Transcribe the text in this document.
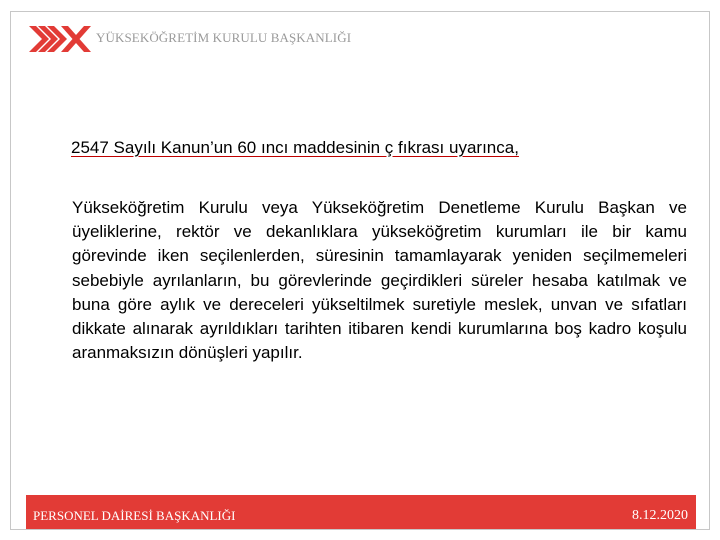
YÜKSEKÖĞRETİM KURULU BAŞKANLIĞI
2547 Sayılı Kanun’un 60 ıncı maddesinin ç fıkrası uyarınca,

Yükseköğretim Kurulu veya Yükseköğretim Denetleme Kurulu Başkan ve üyeliklerine, rektör ve dekanlıklara yükseköğretim kurumları ile bir kamu görevinde iken seçilenlerden, süresinin tamamlayarak yeniden seçilmemeleri sebebiyle ayrılanların, bu görevlerinde geçirdikleri süreler hesaba katılmak ve buna göre aylık ve dereceleri yükseltilmek suretiyle meslek, unvan ve sıfatları dikkate alınarak ayrıldıkları tarihten itibaren kendi kurumlarına boş kadro koşulu aranmaksızın dönüşleri yapılır.

PERSONEL DAİRESİ BAŞKANLIĞI	8.12.2020
